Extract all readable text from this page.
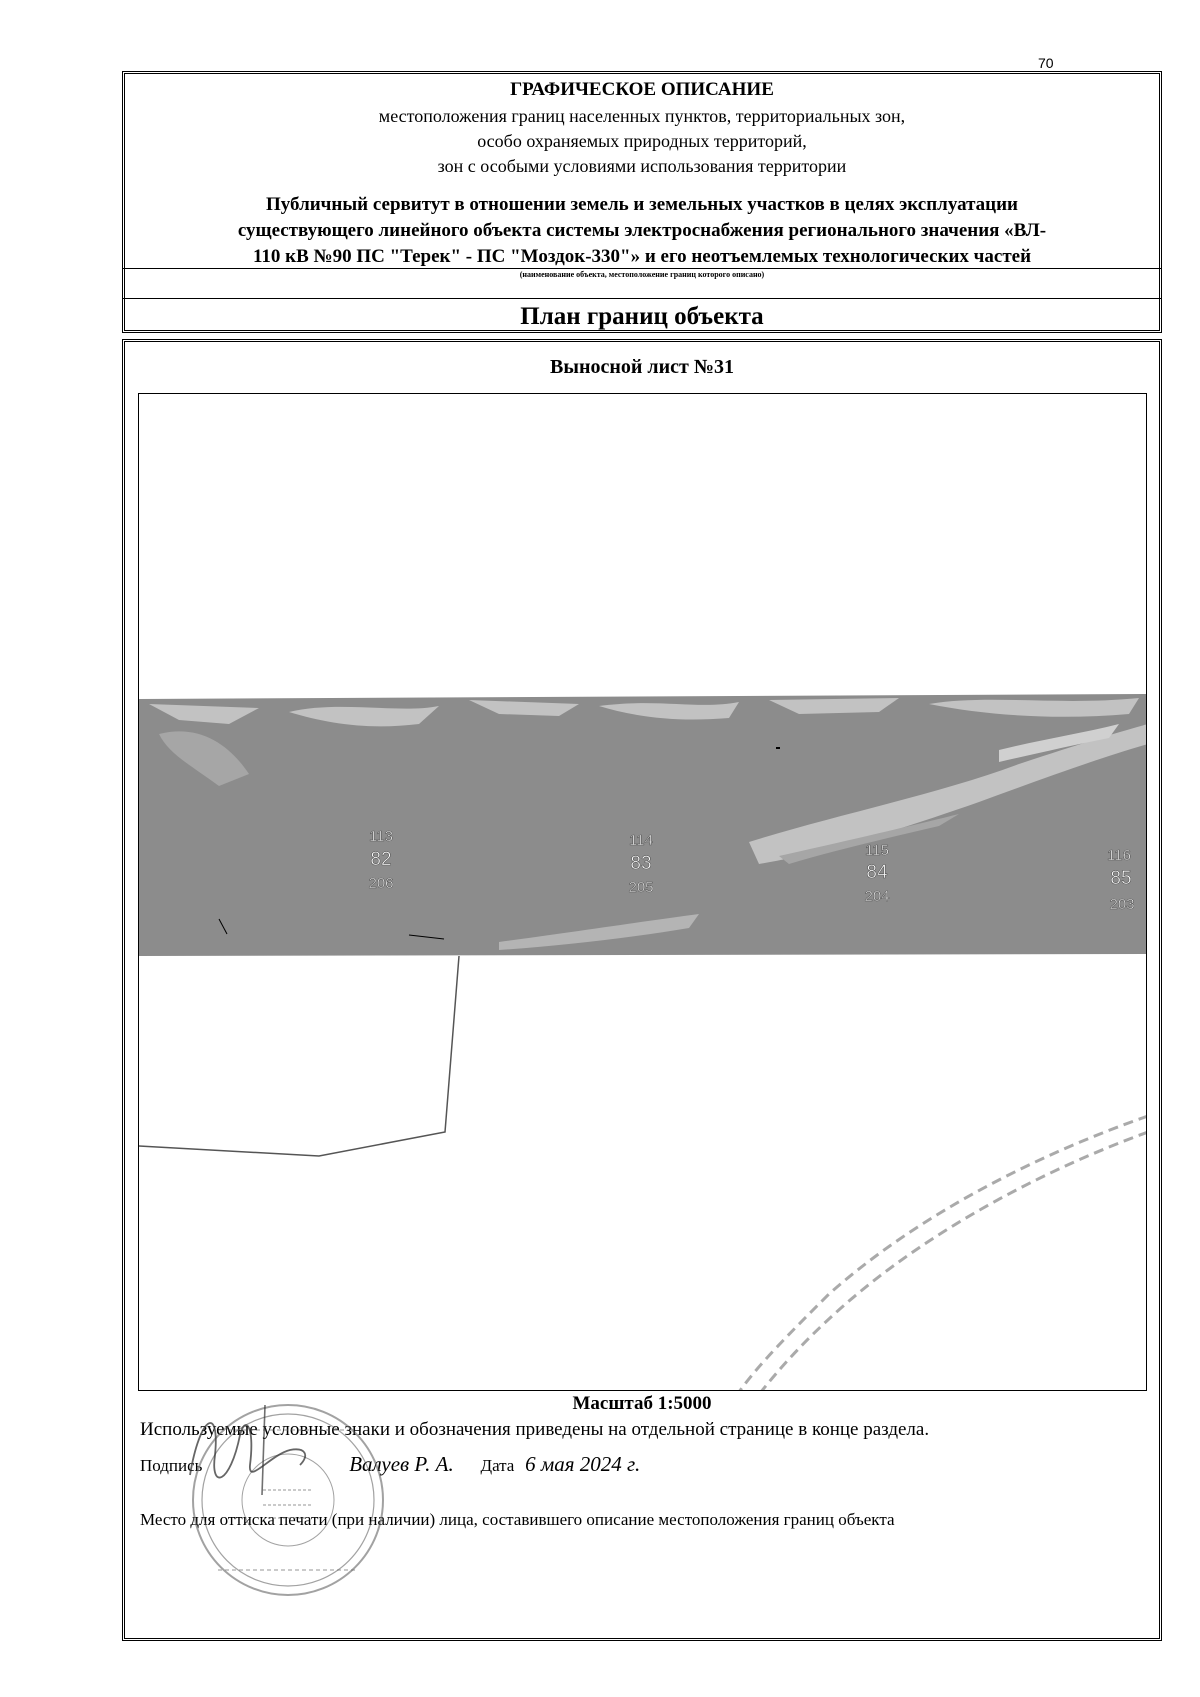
70
ГРАФИЧЕСКОЕ ОПИСАНИЕ
местоположения границ населенных пунктов, территориальных зон,
особо охраняемых природных территорий,
зон с особыми условиями использования территории
Публичный сервитут в отношении земель и земельных участков в целях эксплуатации
существующего линейного объекта системы электроснабжения регионального значения «ВЛ-
110 кВ №90 ПС "Терек" - ПС "Моздок-330"» и его неотъемлемых технологических частей
(наименование объекта, местоположение границ которого описано)
План границ объекта
Выносной лист №31
113
82
206
114
83
205
115
84
204
116
85
203
Масштаб 1:5000
Используемые условные знаки и обозначения приведены на отдельной странице в конце раздела.
Подпись	Валуев Р. А. Дата 6 мая 2024 г.
Место для оттиска печати (при наличии) лица, составившего описание местоположения границ объекта
